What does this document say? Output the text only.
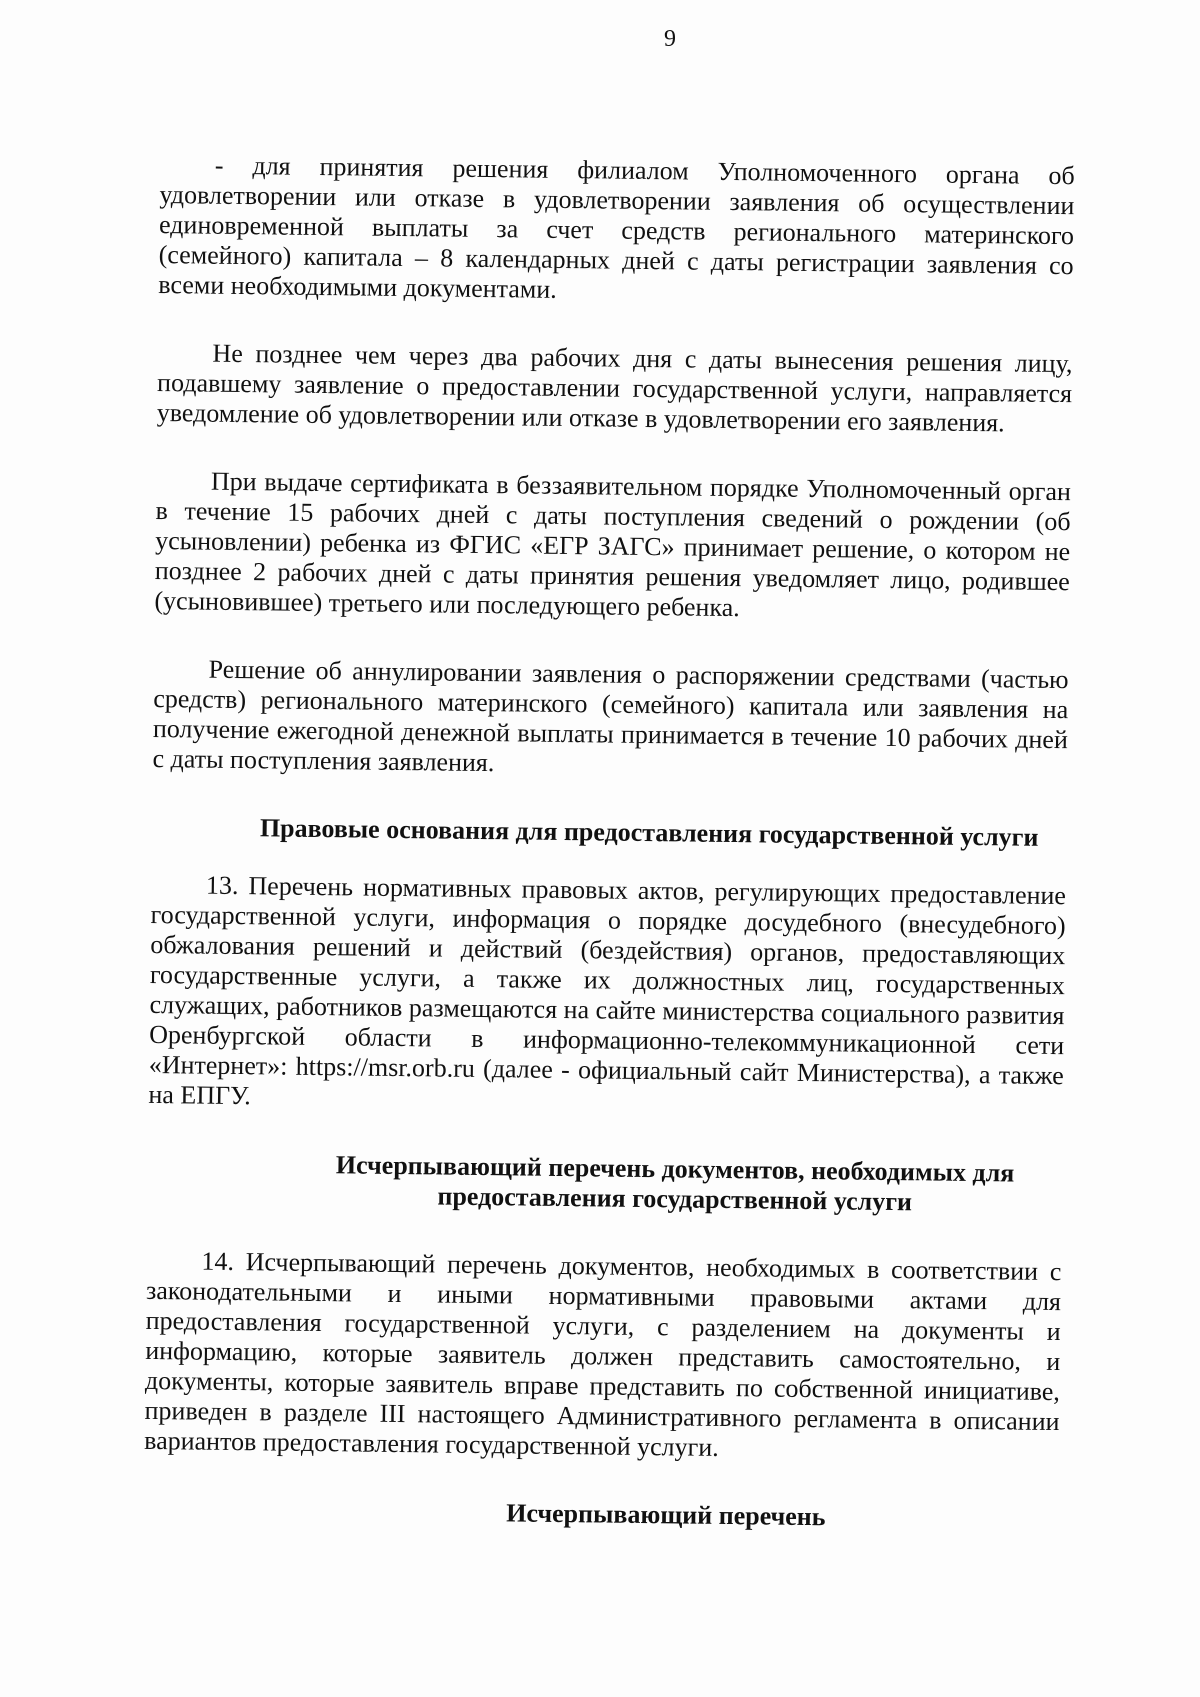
9

- для принятия решения филиалом Уполномоченного органа об удовлетворении или отказе в удовлетворении заявления об осуществлении единовременной выплаты за счет средств регионального материнского (семейного) капитала – 8 календарных дней с даты регистрации заявления со всеми необходимыми документами.

Не позднее чем через два рабочих дня с даты вынесения решения лицу, подавшему заявление о предоставлении государственной услуги, направляется уведомление об удовлетворении или отказе в удовлетворении его заявления.

При выдаче сертификата в беззаявительном порядке Уполномоченный орган в течение 15 рабочих дней с даты поступления сведений о рождении (об усыновлении) ребенка из ФГИС «ЕГР ЗАГС» принимает решение, о котором не позднее 2 рабочих дней с даты принятия решения уведомляет лицо, родившее (усыновившее) третьего или последующего ребенка.

Решение об аннулировании заявления о распоряжении средствами (частью средств) регионального материнского (семейного) капитала или заявления на получение ежегодной денежной выплаты принимается в течение 10 рабочих дней с даты поступления заявления.

Правовые основания для предоставления государственной услуги

13. Перечень нормативных правовых актов, регулирующих предоставление государственной услуги, информация о порядке досудебного (внесудебного) обжалования решений и действий (бездействия) органов, предоставляющих государственные услуги, а также их должностных лиц, государственных служащих, работников размещаются на сайте министерства социального развития Оренбургской области в информационно-телекоммуникационной сети «Интернет»: https://msr.orb.ru (далее - официальный сайт Министерства), а также на ЕПГУ.

Исчерпывающий перечень документов, необходимых для
предоставления государственной услуги

14. Исчерпывающий перечень документов, необходимых в соответствии с законодательными и иными нормативными правовыми актами для предоставления государственной услуги, с разделением на документы и информацию, которые заявитель должен представить самостоятельно, и документы, которые заявитель вправе представить по собственной инициативе, приведен в разделе III настоящего Административного регламента в описании вариантов предоставления государственной услуги.

Исчерпывающий перечень
